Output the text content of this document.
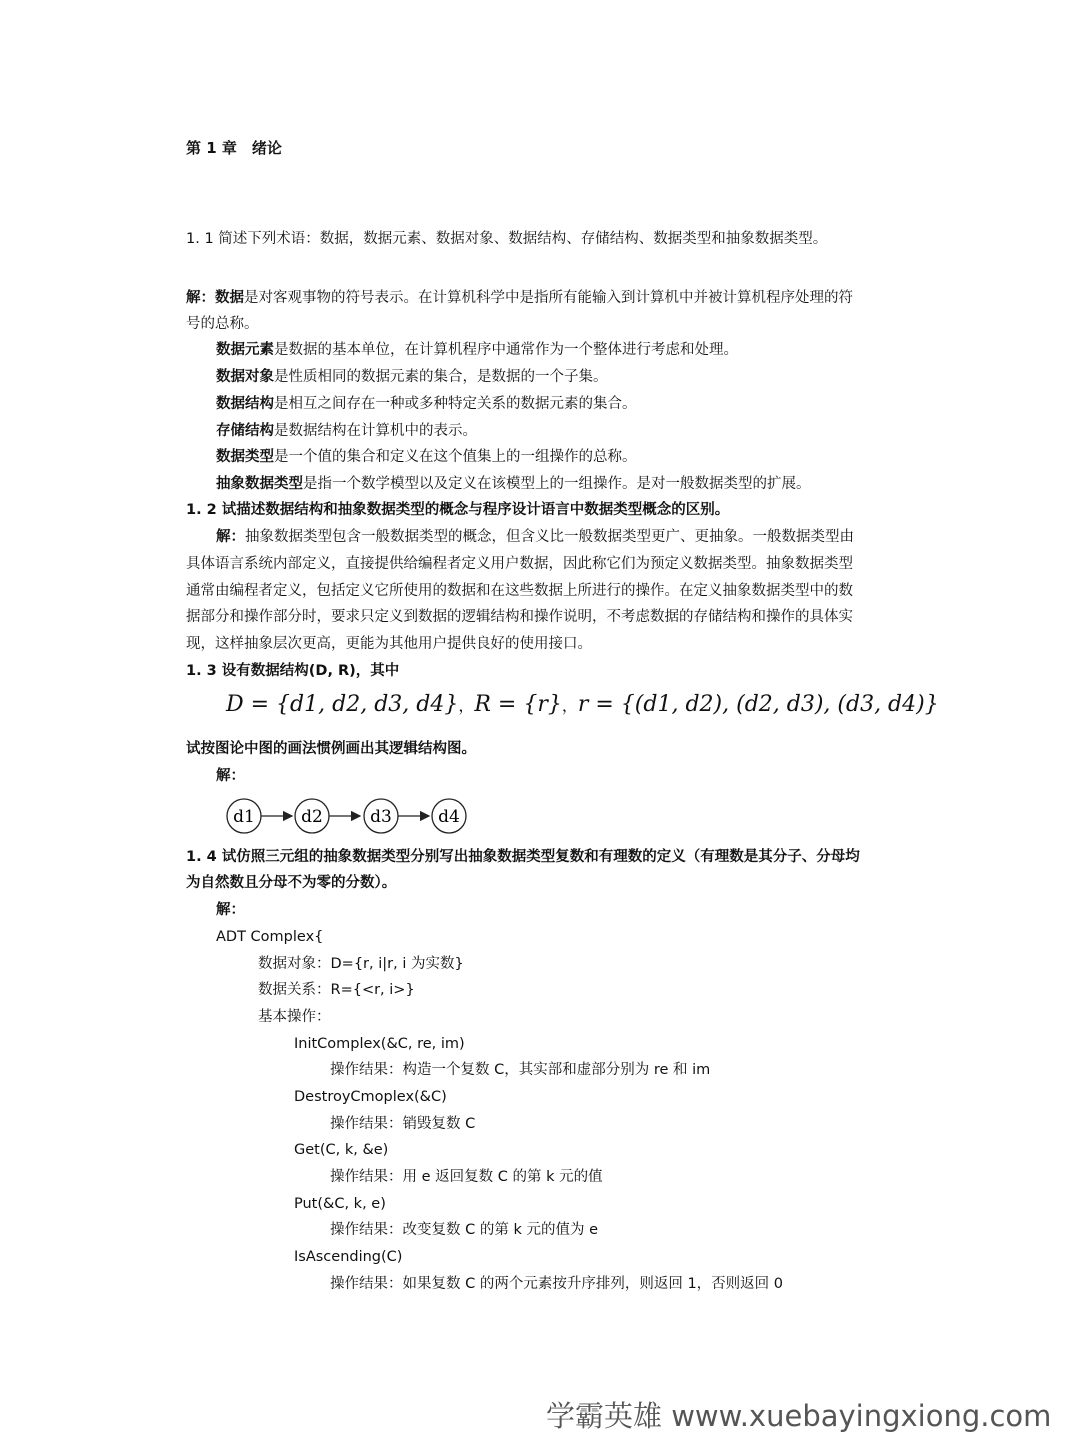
第 1 章　绪论
1. 1 简述下列术语：数据，数据元素、数据对象、数据结构、存储结构、数据类型和抽象数据类型。
解：数据是对客观事物的符号表示。在计算机科学中是指所有能输入到计算机中并被计算机程序处理的符
号的总称。
数据元素是数据的基本单位，在计算机程序中通常作为一个整体进行考虑和处理。
数据对象是性质相同的数据元素的集合，是数据的一个子集。
数据结构是相互之间存在一种或多种特定关系的数据元素的集合。
存储结构是数据结构在计算机中的表示。
数据类型是一个值的集合和定义在这个值集上的一组操作的总称。
抽象数据类型是指一个数学模型以及定义在该模型上的一组操作。是对一般数据类型的扩展。
1. 2 试描述数据结构和抽象数据类型的概念与程序设计语言中数据类型概念的区别。
解：抽象数据类型包含一般数据类型的概念，但含义比一般数据类型更广、更抽象。一般数据类型由
具体语言系统内部定义，直接提供给编程者定义用户数据，因此称它们为预定义数据类型。抽象数据类型
通常由编程者定义，包括定义它所使用的数据和在这些数据上所进行的操作。在定义抽象数据类型中的数
据部分和操作部分时，要求只定义到数据的逻辑结构和操作说明，不考虑数据的存储结构和操作的具体实
现，这样抽象层次更高，更能为其他用户提供良好的使用接口。
1. 3 设有数据结构(D, R)，其中
D = {d1, d2, d3, d4}，R = {r}，r = {(d1, d2), (d2, d3), (d3, d4)}
试按图论中图的画法惯例画出其逻辑结构图。
解：
d1	d2	d3	d4
1. 4 试仿照三元组的抽象数据类型分别写出抽象数据类型复数和有理数的定义（有理数是其分子、分母均
为自然数且分母不为零的分数）。
解：
ADT Complex{
数据对象：D={r, i|r, i 为实数}
数据关系：R={<r, i>}
基本操作：
InitComplex(&C, re, im)
操作结果：构造一个复数 C，其实部和虚部分别为 re 和 im
DestroyCmoplex(&C)
操作结果：销毁复数 C
Get(C, k, &e)
操作结果：用 e 返回复数 C 的第 k 元的值
Put(&C, k, e)
操作结果：改变复数 C 的第 k 元的值为 e
IsAscending(C)
操作结果：如果复数 C 的两个元素按升序排列，则返回 1，否则返回 0
学霸英雄 www.xuebayingxiong.com
